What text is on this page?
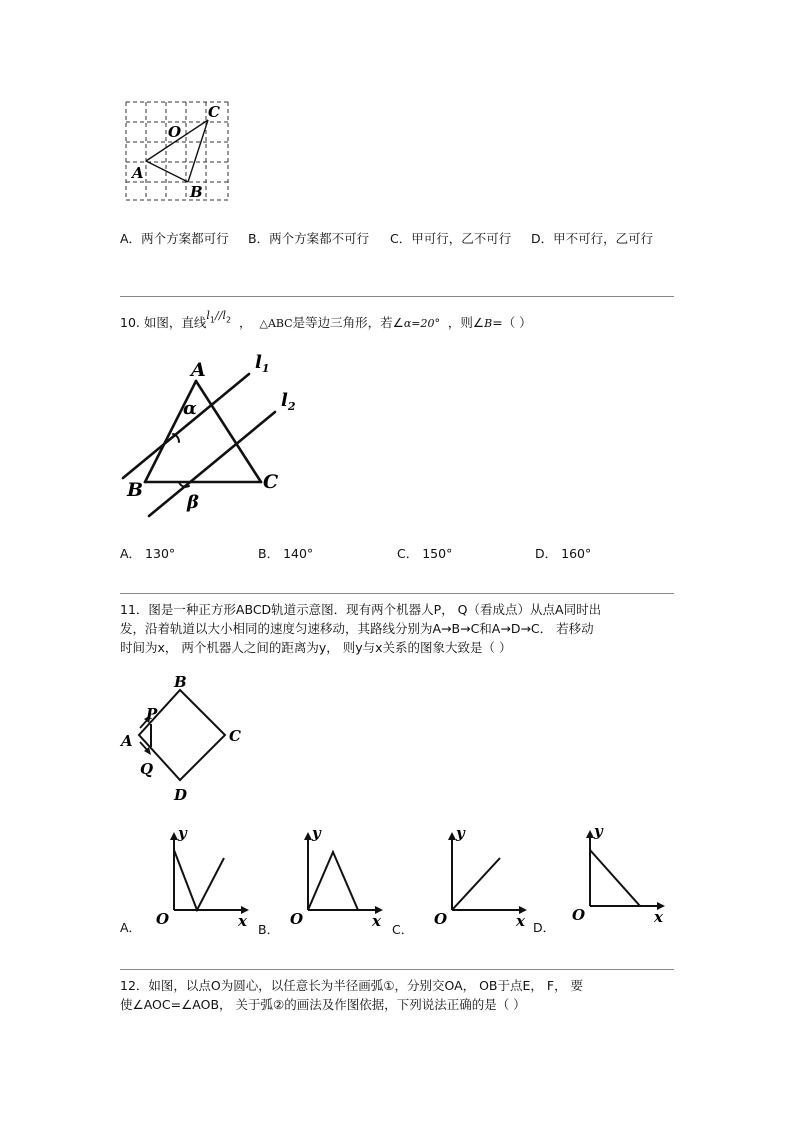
C
O
A
B
A．两个方案都可行	B．两个方案都不可行	C．甲可行，乙不可行	D．甲不可行，乙可行
10. 如图，直线$l_1//l_2$ ， △ABC是等边三角形，若∠α=20° ，则∠B=（ ）
A
B	C
$l_1$
$l_2$
α
β
A． 130°	B． 140°	C． 150°	D． 160°
11．图是一种正方形ABCD轨道示意图．现有两个机器人P， Q（看成点）从点A同时出
发，沿着轨道以大小相同的速度匀速移动，其路线分别为A→B→C和A→D→C． 若移动
时间为x， 两个机器人之间的距离为y， 则y与x关系的图象大致是（ ）
B
C
D
A
P
Q
A． O	x
y
B．
O	x
y
C．
O	x
y
D．
O	x
y
12．如图，以点O为圆心，以任意长为半径画弧①，分别交OA， OB于点E， F， 要
使∠AOC=∠AOB， 关于弧②的画法及作图依据，下列说法正确的是（ ）
